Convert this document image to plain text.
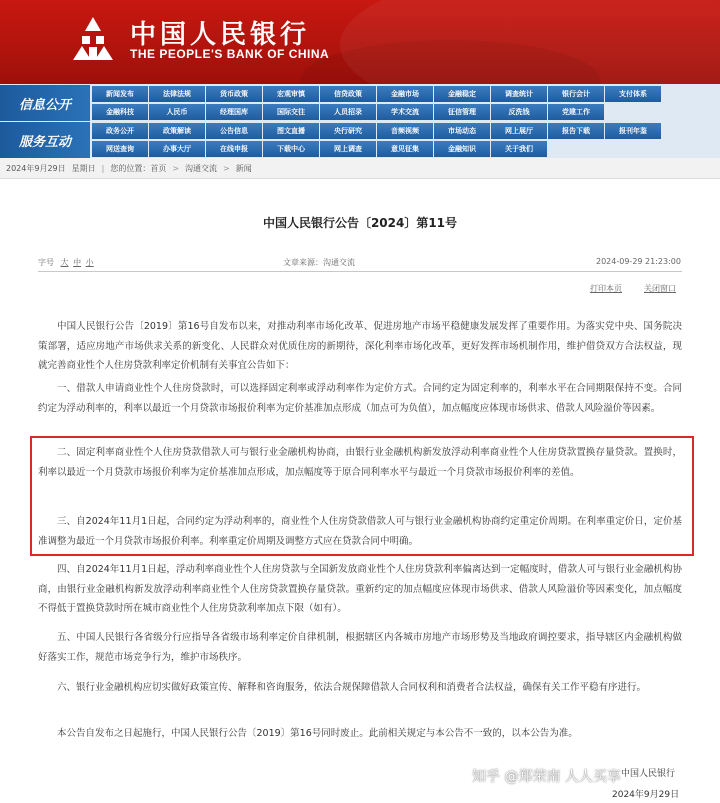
中国人民银行
THE PEOPLE'S BANK OF CHINA
信息公开
服务互动
新闻发布	法律法规	货币政策	宏观审慎	信贷政策	金融市场	金融稳定	调查统计	银行会计	支付体系
金融科技	人民币	经理国库	国际交往	人员招录	学术交流	征信管理	反洗钱	党建工作
政务公开	政策解读	公告信息	图文直播	央行研究	音频视频	市场动态	网上展厅	报告下载	报刊年鉴
网送查询	办事大厅	在线申报	下载中心	网上调查	意见征集	金融知识	关于我们
2024年9月29日 星期日 | 您的位置： 首页 > 沟通交流 > 新闻
中国人民银行公告〔2024〕第11号
字号 大 中 小	文章来源：沟通交流	2024-09-29 21:23:00
打印本页	关闭窗口
中国人民银行公告〔2019〕第16号自发布以来，对推动利率市场化改革、促进房地产市场平稳健康发展发挥了重要作用。为落实党中央、国务院决策部署，适应房地产市场供求关系的新变化、人民群众对优质住房的新期待，深化利率市场化改革，更好发挥市场机制作用，维护借贷双方合法权益，现就完善商业性个人住房贷款利率定价机制有关事宜公告如下：
一、借款人申请商业性个人住房贷款时，可以选择固定利率或浮动利率作为定价方式。合同约定为固定利率的，利率水平在合同期限保持不变。合同约定为浮动利率的，利率以最近一个月贷款市场报价利率为定价基准加点形成（加点可为负值），加点幅度应体现市场供求、借款人风险溢价等因素。
二、固定利率商业性个人住房贷款借款人可与银行业金融机构协商，由银行业金融机构新发放浮动利率商业性个人住房贷款置换存量贷款。置换时，利率以最近一个月贷款市场报价利率为定价基准加点形成，加点幅度等于原合同利率水平与最近一个月贷款市场报价利率的差值。
三、自2024年11月1日起，合同约定为浮动利率的，商业性个人住房贷款借款人可与银行业金融机构协商约定重定价周期。在利率重定价日，定价基准调整为最近一个月贷款市场报价利率。利率重定价周期及调整方式应在贷款合同中明确。
四、自2024年11月1日起，浮动利率商业性个人住房贷款与全国新发放商业性个人住房贷款利率偏离达到一定幅度时，借款人可与银行业金融机构协商，由银行业金融机构新发放浮动利率商业性个人住房贷款置换存量贷款。重新约定的加点幅度应体现市场供求、借款人风险溢价等因素变化，加点幅度不得低于置换贷款时所在城市商业性个人住房贷款利率加点下限（如有）。
五、中国人民银行各省级分行应指导各省级市场利率定价自律机制，根据辖区内各城市房地产市场形势及当地政府调控要求，指导辖区内金融机构做好落实工作，规范市场竞争行为，维护市场秩序。
六、银行业金融机构应切实做好政策宣传、解释和咨询服务，依法合规保障借款人合同权利和消费者合法权益，确保有关工作平稳有序进行。
本公告自发布之日起施行，中国人民银行公告〔2019〕第16号同时废止。此前相关规定与本公告不一致的，以本公告为准。
中国人民银行
2024年9月29日
知乎 @郑荣南 人人买享
